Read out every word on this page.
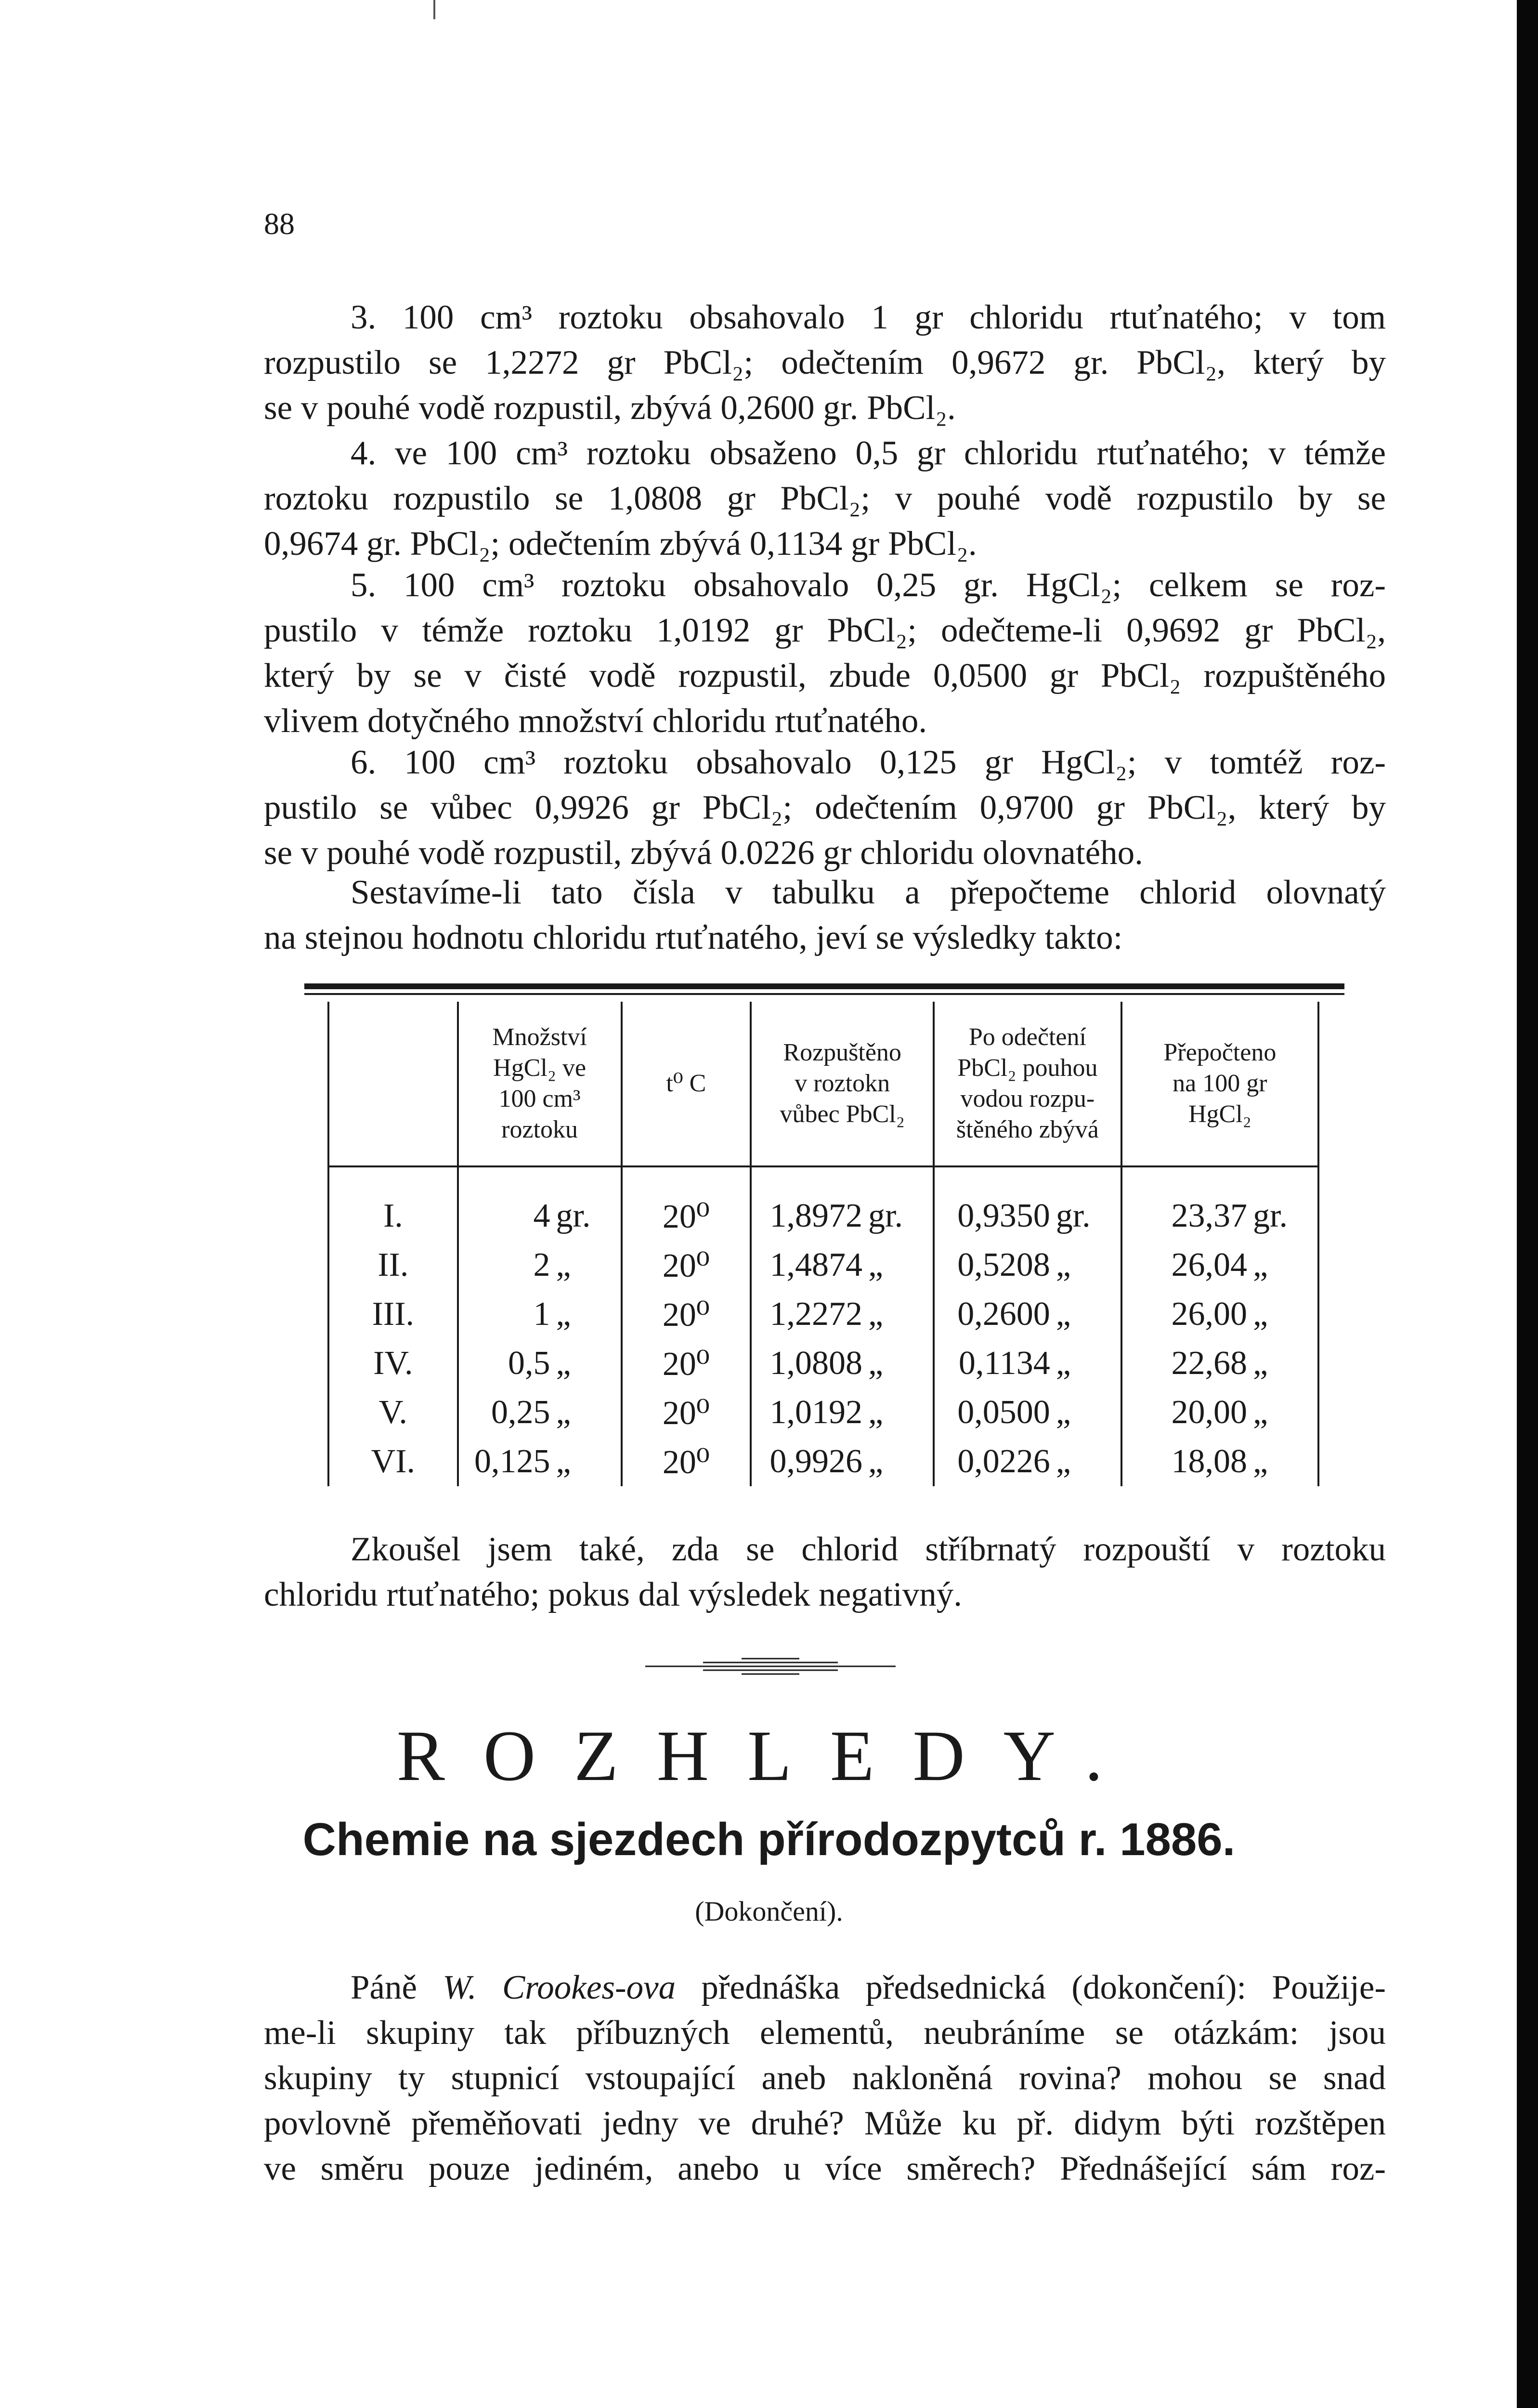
88

3. 100 cm³ roztoku obsahovalo 1 gr chloridu rtuťnatého; v tom
rozpustilo se 1,2272 gr PbCl₂; odečtením 0,9672 gr. PbCl₂, který by
se v pouhé vodě rozpustil, zbývá 0,2600 gr. PbCl₂.

4. ve 100 cm³ roztoku obsaženo 0,5 gr chloridu rtuťnatého; v témže
roztoku rozpustilo se 1,0808 gr PbCl₂; v pouhé vodě rozpustilo by se
0,9674 gr. PbCl₂; odečtením zbývá 0,1134 gr PbCl₂.

5. 100 cm³ roztoku obsahovalo 0,25 gr. HgCl₂; celkem se roz-
pustilo v témže roztoku 1,0192 gr PbCl₂; odečteme-li 0,9692 gr PbCl₂,
který by se v čisté vodě rozpustil, zbude 0,0500 gr PbCl₂ rozpuštěného
vlivem dotyčného množství chloridu rtuťnatého.

6. 100 cm³ roztoku obsahovalo 0,125 gr HgCl₂; v tomtéž roz-
pustilo se vůbec 0,9926 gr PbCl₂; odečtením 0,9700 gr PbCl₂, který by
se v pouhé vodě rozpustil, zbývá 0.0226 gr chloridu olovnatého.

Sestavíme-li tato čísla v tabulku a přepočteme chlorid olovnatý
na stejnou hodnotu chloridu rtuťnatého, jeví se výsledky takto:

	Množství
HgCl₂ ve
100 cm³
roztoku	t⁰ C	Rozpuštěno
v roztokn
vůbec PbCl₂	Po odečtení
PbCl₂ pouhou
vodou rozpu-
štěného zbývá	Přepočteno
na 100 gr
HgCl₂

I.	4 gr.	20⁰	1,8972 gr.	0,9350 gr.	23,37 gr.
II.	2 „	20⁰	1,4874 „	0,5208 „	26,04 „
III.	1 „	20⁰	1,2272 „	0,2600 „	26,00 „
IV.	0,5 „	20⁰	1,0808 „	0,1134 „	22,68 „
V.	0,25 „	20⁰	1,0192 „	0,0500 „	20,00 „
VI.	0,125 „	20⁰	0,9926 „	0,0226 „	18,08 „

ROZHLEDY.

Chemie na sjezdech přírodozpytců r. 1886.

(Dokončení).

Zkoušel jsem také, zda se chlorid stříbrnatý rozpouští v roztoku
chloridu rtuťnatého; pokus dal výsledek negativný.

Páně W. Crookes-ova přednáška předsednická (dokončení): Použije-
me-li skupiny tak příbuzných elementů, neubráníme se otázkám: jsou
skupiny ty stupnicí vstoupající aneb nakloněná rovina? mohou se snad
povlovně přeměňovati jedny ve druhé? Může ku př. didym býti rozštěpen
ve směru pouze jediném, anebo u více směrech? Přednášející sám roz-
